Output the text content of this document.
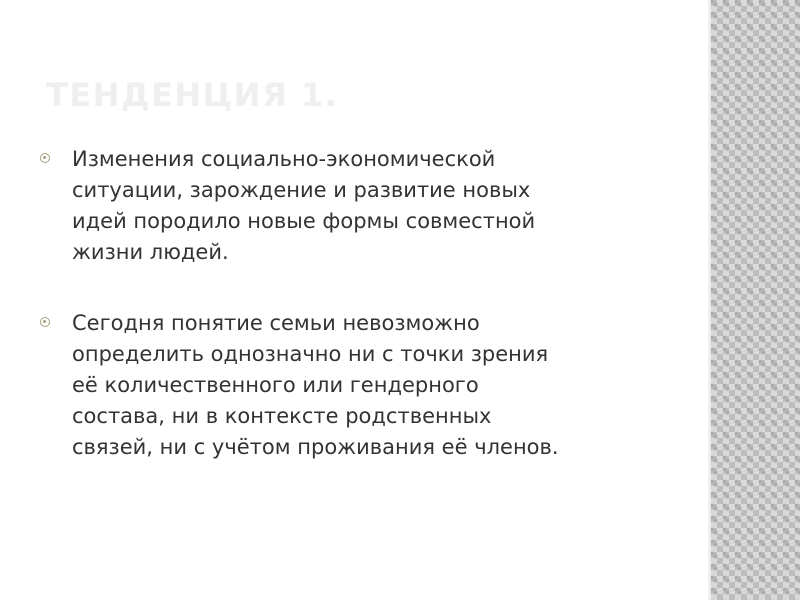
ТЕНДЕНЦИЯ 1.
Изменения социально-экономической
ситуации, зарождение и развитие новых
идей породило новые формы совместной
жизни людей.
Сегодня понятие семьи невозможно
определить однозначно ни с точки зрения
её количественного или гендерного
состава, ни в контексте родственных
связей, ни с учётом проживания её членов.
